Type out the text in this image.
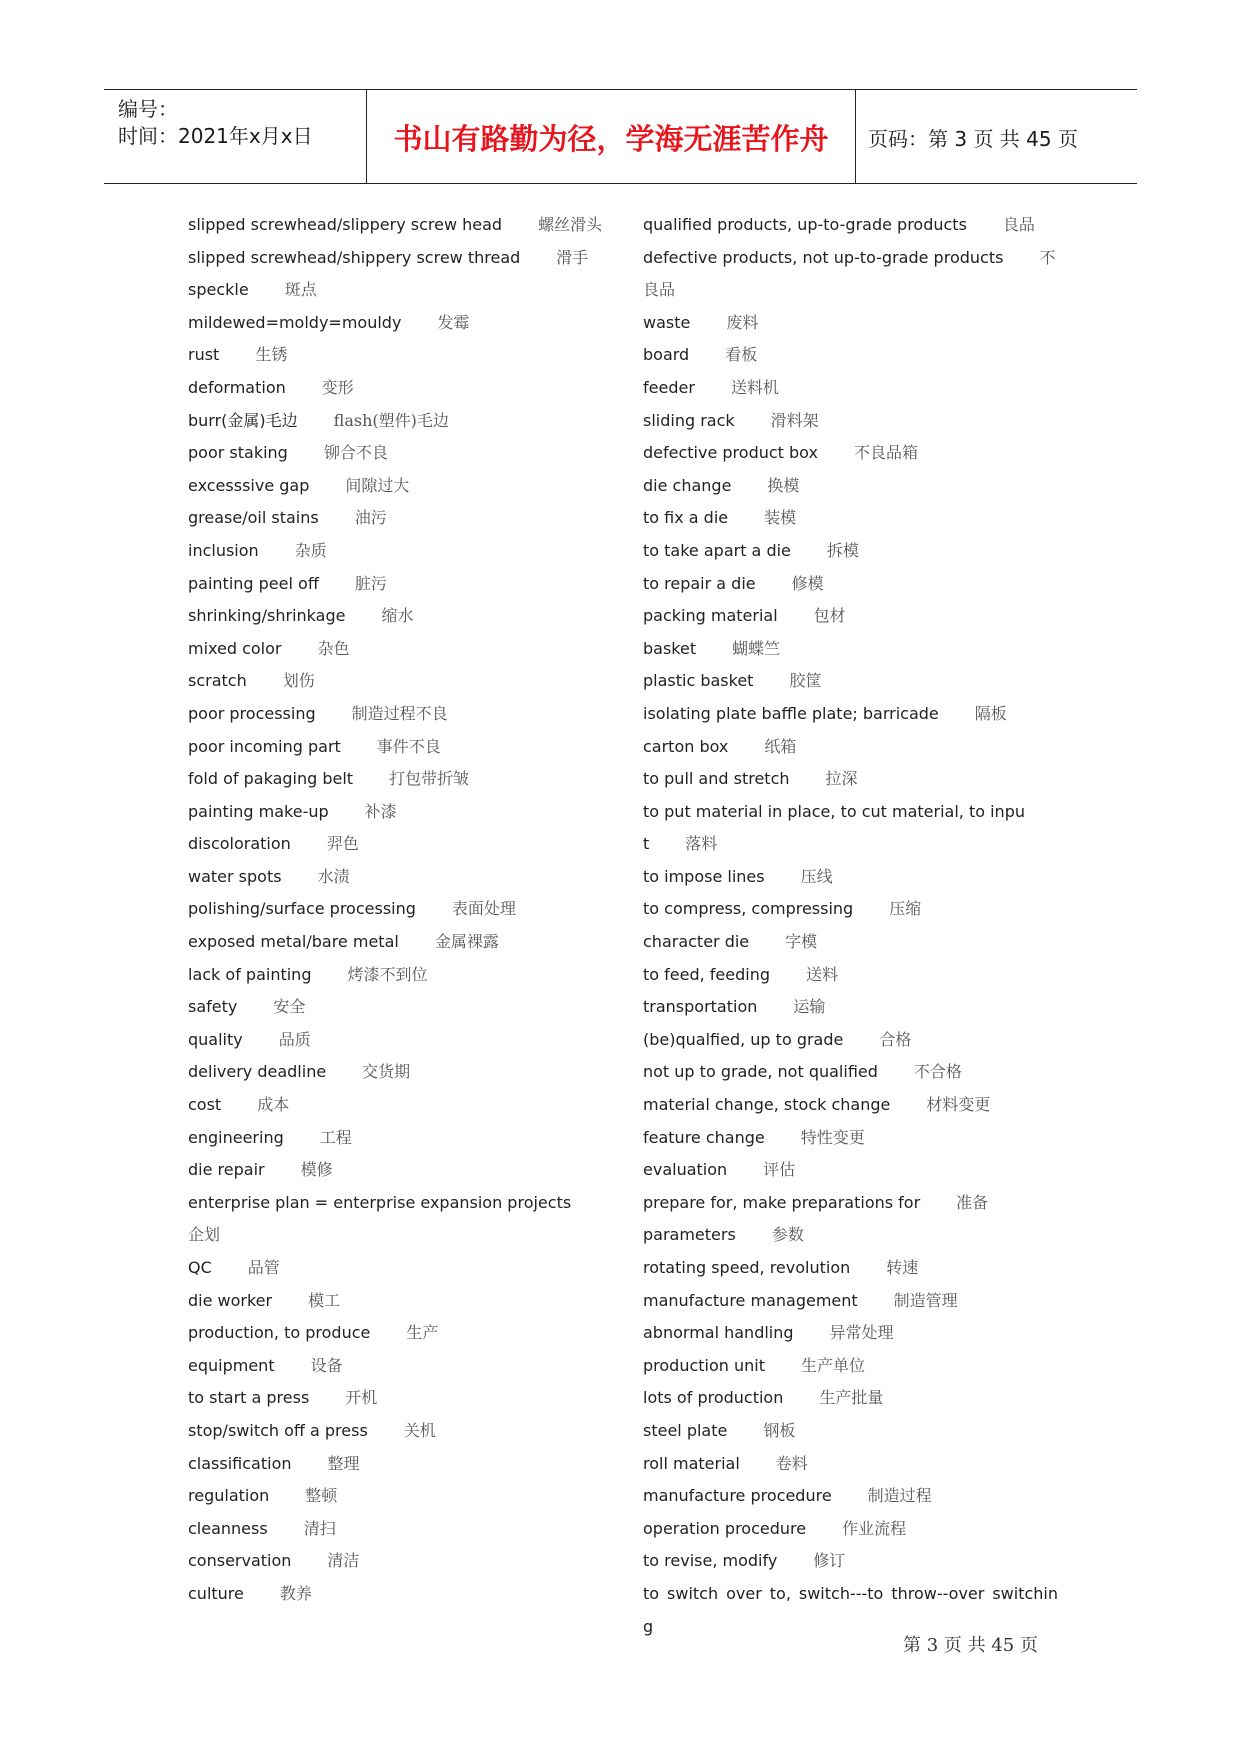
编号：
时间：2021年x月x日	书山有路勤为径，学海无涯苦作舟	页码：第 3 页 共 45 页
slipped screwhead/slippery screw head 螺丝滑头
slipped screwhead/shippery screw thread 滑手
speckle 斑点
mildewed=moldy=mouldy 发霉
rust 生锈
deformation 变形
burr(金属)毛边 flash(塑件)毛边
poor staking 铆合不良
excesssive gap 间隙过大
grease/oil stains 油污
inclusion 杂质
painting peel off 脏污
shrinking/shrinkage 缩水
mixed color 杂色
scratch 划伤
poor processing 制造过程不良
poor incoming part 事件不良
fold of pakaging belt 打包带折皱
painting make-up 补漆
discoloration 羿色
water spots 水渍
polishing/surface processing 表面处理
exposed metal/bare metal 金属裸露
lack of painting 烤漆不到位
safety 安全
quality 品质
delivery deadline 交货期
cost 成本
engineering 工程
die repair 模修
enterprise plan = enterprise expansion projects企划
QC 品管
die worker 模工
production, to produce 生产
equipment 设备
to start a press 开机
stop/switch off a press 关机
classification 整理
regulation 整顿
cleanness 清扫
conservation 清洁
culture 教养
qualified products, up-to-grade products 良品
defective products, not up-to-grade products 不良品
waste 废料
board 看板
feeder 送料机
sliding rack 滑料架
defective product box 不良品箱
die change 换模
to fix a die 装模
to take apart a die 拆模
to repair a die 修模
packing material 包材
basket 蝴蝶竺
plastic basket 胶筐
isolating plate baffle plate; barricade 隔板
carton box 纸箱
to pull and stretch 拉深
to put material in place, to cut material, to input 落料
to impose lines 压线
to compress, compressing 压缩
character die 字模
to feed, feeding 送料
transportation 运输
(be)qualfied, up to grade 合格
not up to grade, not qualified 不合格
material change, stock change 材料变更
feature change 特性变更
evaluation 评估
prepare for, make preparations for 准备
parameters 参数
rotating speed, revolution 转速
manufacture management 制造管理
abnormal handling 异常处理
production unit 生产单位
lots of production 生产批量
steel plate 钢板
roll material 卷料
manufacture procedure 制造过程
operation procedure 作业流程
to revise, modify 修订
to switch over to, switch---to throw--over switching
第 3 页 共 45 页
